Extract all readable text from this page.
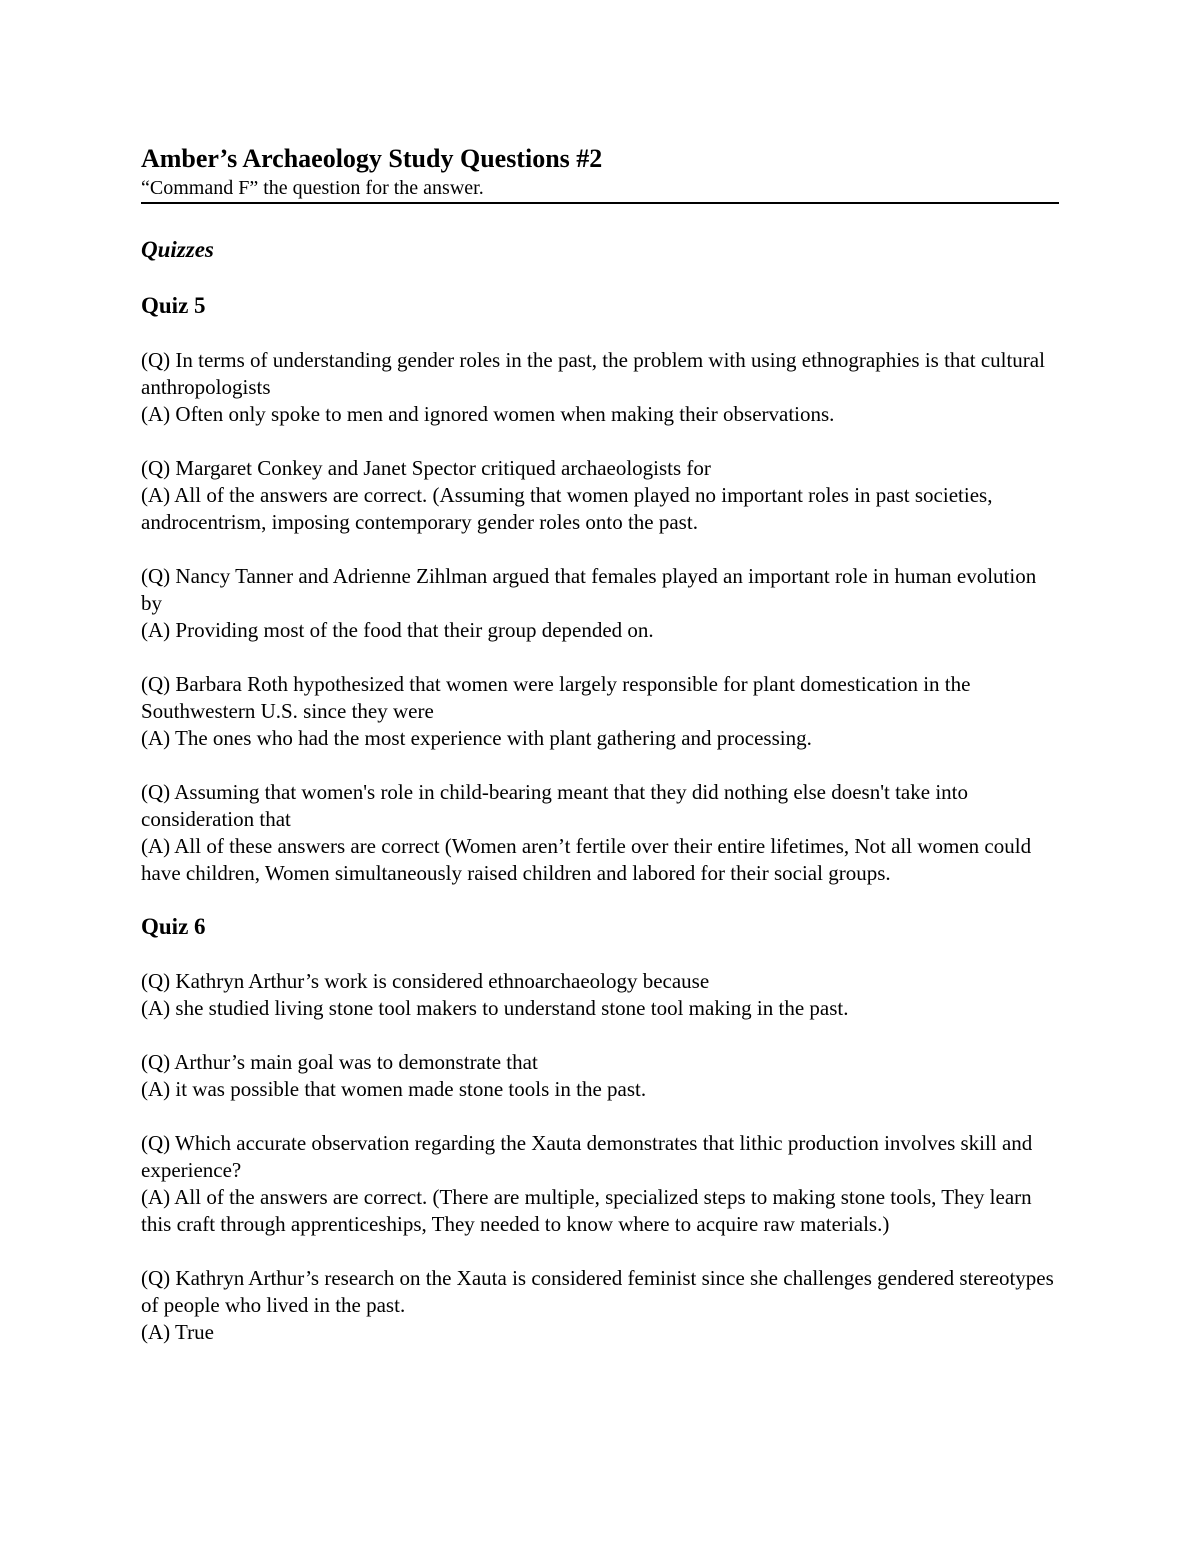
Amber’s Archaeology Study Questions #2
“Command F” the question for the answer.
Quizzes
Quiz 5

(Q) In terms of understanding gender roles in the past, the problem with using ethnographies is that cultural anthropologists

(A) Often only spoke to men and ignored women when making their observations.

(Q) Margaret Conkey and Janet Spector critiqued archaeologists for

(A) All of the answers are correct. (Assuming that women played no important roles in past societies, androcentrism, imposing contemporary gender roles onto the past.

(Q) Nancy Tanner and Adrienne Zihlman argued that females played an important role in human evolution by

(A) Providing most of the food that their group depended on.

(Q) Barbara Roth hypothesized that women were largely responsible for plant domestication in the Southwestern U.S. since they were

(A) The ones who had the most experience with plant gathering and processing.

(Q) Assuming that women's role in child-bearing meant that they did nothing else doesn't take into consideration that

(A) All of these answers are correct (Women aren’t fertile over their entire lifetimes, Not all women could have children, Women simultaneously raised children and labored for their social groups.

Quiz 6

(Q) Kathryn Arthur’s work is considered ethnoarchaeology because

(A) she studied living stone tool makers to understand stone tool making in the past.

(Q) Arthur’s main goal was to demonstrate that

(A) it was possible that women made stone tools in the past.

(Q) Which accurate observation regarding the Xauta demonstrates that lithic production involves skill and experience?

(A) All of the answers are correct. (There are multiple, specialized steps to making stone tools, They learn this craft through apprenticeships, They needed to know where to acquire raw materials.)

(Q) Kathryn Arthur’s research on the Xauta is considered feminist since she challenges gendered stereotypes of people who lived in the past.

(A) True
